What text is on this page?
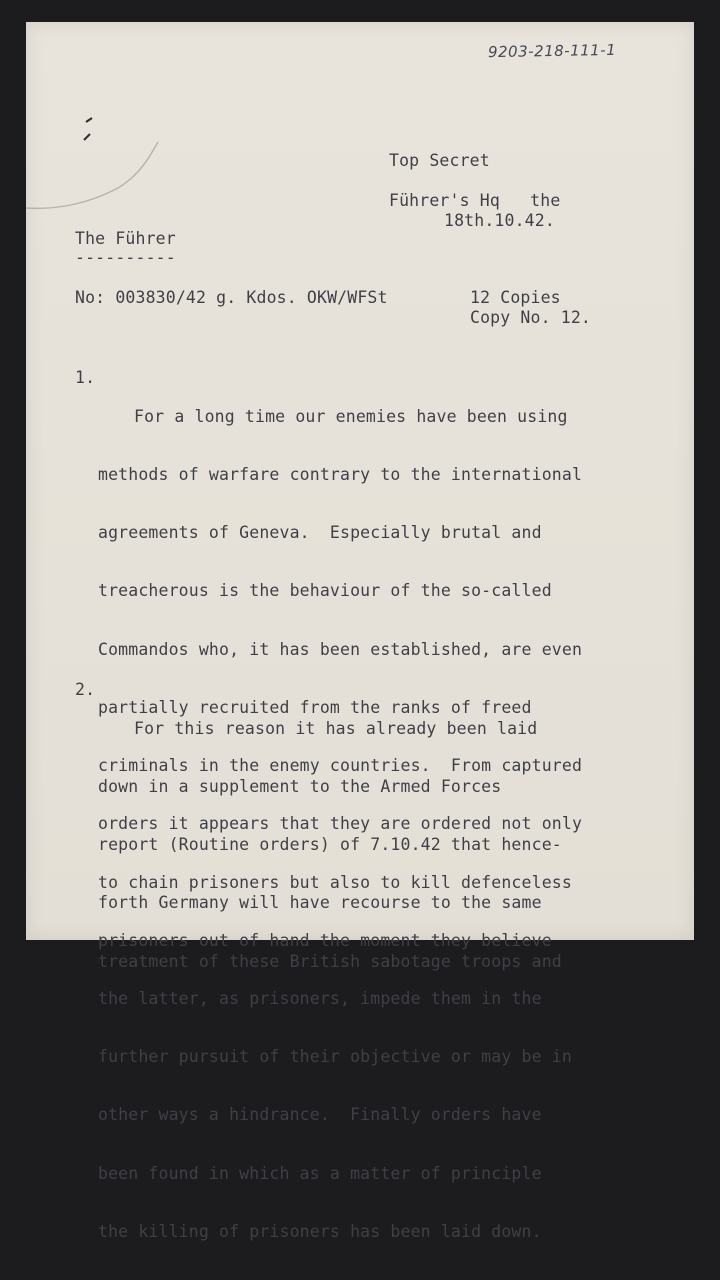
9203-218-111-1
Top Secret
Führer's Hq   the
18th.10.42.
The Führer
----------
No: 003830/42 g. Kdos. OKW/WFSt	12 Copies
Copy No. 12.
1.

For a long time our enemies have been using

methods of warfare contrary to the international

agreements of Geneva.  Especially brutal and

treacherous is the behaviour of the so-called

Commandos who, it has been established, are even

partially recruited from the ranks of freed

criminals in the enemy countries.  From captured

orders it appears that they are ordered not only

to chain prisoners but also to kill defenceless

prisoners out of hand the moment they believe

the latter, as prisoners, impede them in the

further pursuit of their objective or may be in

other ways a hindrance.  Finally orders have

been found in which as a matter of principle

the killing of prisoners has been laid down.

2.

For this reason it has already been laid

down in a supplement to the Armed Forces

report (Routine orders) of 7.10.42 that hence-

forth Germany will have recourse to the same

treatment of these British sabotage troops and
